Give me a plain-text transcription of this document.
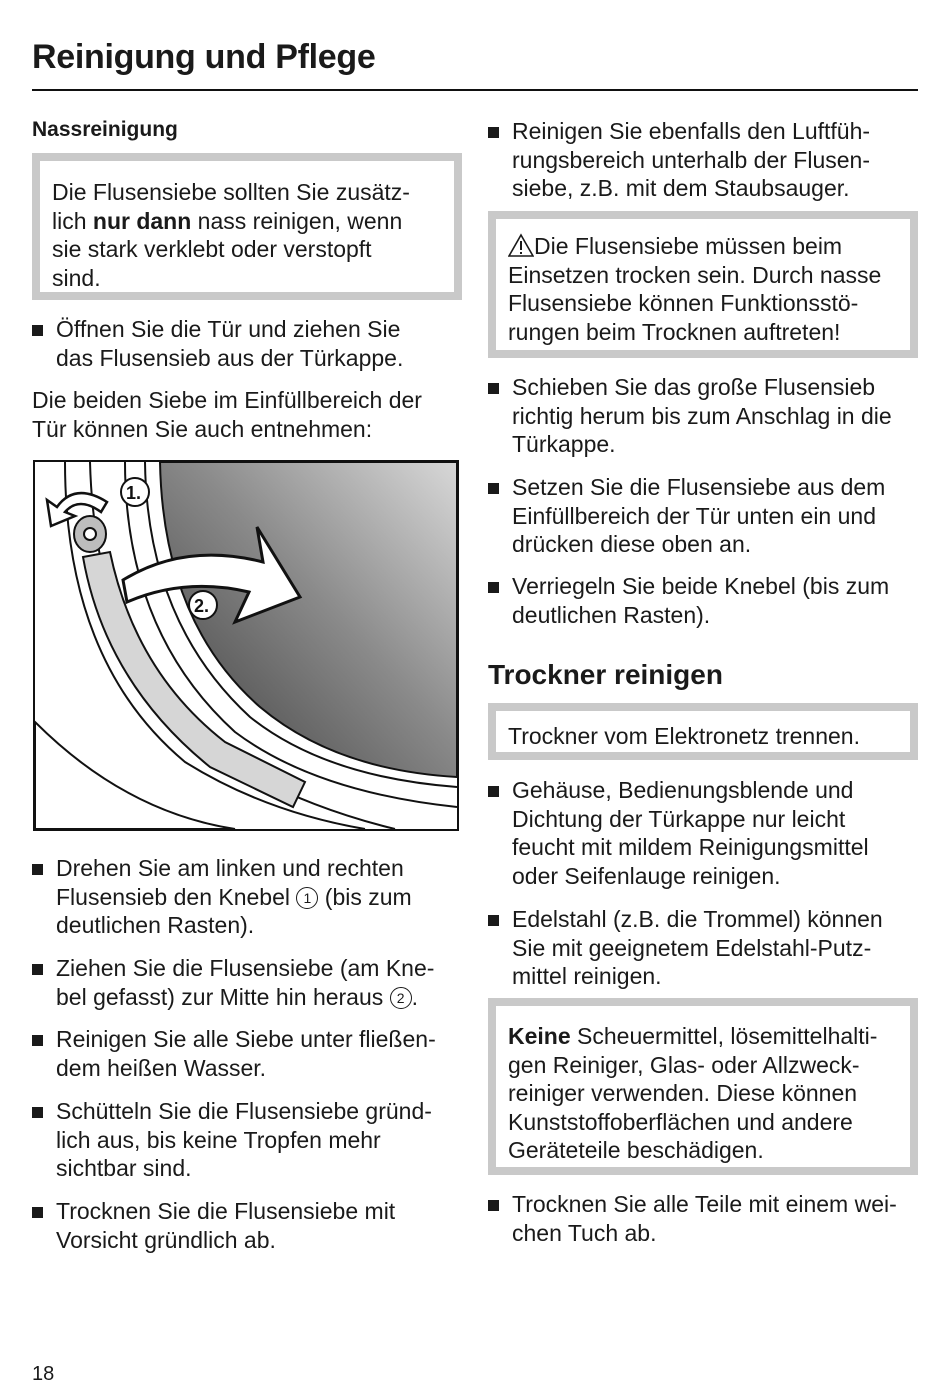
Reinigung und Pflege
Nassreinigung
Die Flusensiebe sollten Sie zusätz-
lich nur dann nass reinigen, wenn
sie stark verklebt oder verstopft sind.
Öffnen Sie die Tür und ziehen Sie das Flusensieb aus der Türkappe.
Die beiden Siebe im Einfüllbereich der Tür können Sie auch entnehmen:
1.
2.
Drehen Sie am linken und rechten Flusensieb den Knebel 1 (bis zum deutlichen Rasten).
Ziehen Sie die Flusensiebe (am Kne-bel gefasst) zur Mitte hin heraus 2 .
Reinigen Sie alle Siebe unter fließen-dem heißen Wasser.
Schütteln Sie die Flusensiebe gründ-lich aus, bis keine Tropfen mehr sichtbar sind.
Trocknen Sie die Flusensiebe mit Vorsicht gründlich ab.
Reinigen Sie ebenfalls den Luftfüh-rungsbereich unterhalb der Flusen-siebe, z.B. mit dem Staubsauger.
Die Flusensiebe müssen beim Einsetzen trocken sein. Durch nasse Flusensiebe können Funktionsstö-rungen beim Trocknen auftreten!
Schieben Sie das große Flusensieb richtig herum bis zum Anschlag in die Türkappe.
Setzen Sie die Flusensiebe aus dem Einfüllbereich der Tür unten ein und drücken diese oben an.
Verriegeln Sie beide Knebel (bis zum deutlichen Rasten).
Trockner reinigen
Trockner vom Elektronetz trennen.
Gehäuse, Bedienungsblende und Dichtung der Türkappe nur leicht feucht mit mildem Reinigungsmittel oder Seifenlauge reinigen.
Edelstahl (z.B. die Trommel) können Sie mit geeignetem Edelstahl-Putz-mittel reinigen.
Keine Scheuermittel, lösemittelhalti-gen Reiniger, Glas- oder Allzweck-reiniger verwenden. Diese können Kunststoffoberflächen und andere Geräteteile beschädigen.
Trocknen Sie alle Teile mit einem wei-chen Tuch ab.
18
